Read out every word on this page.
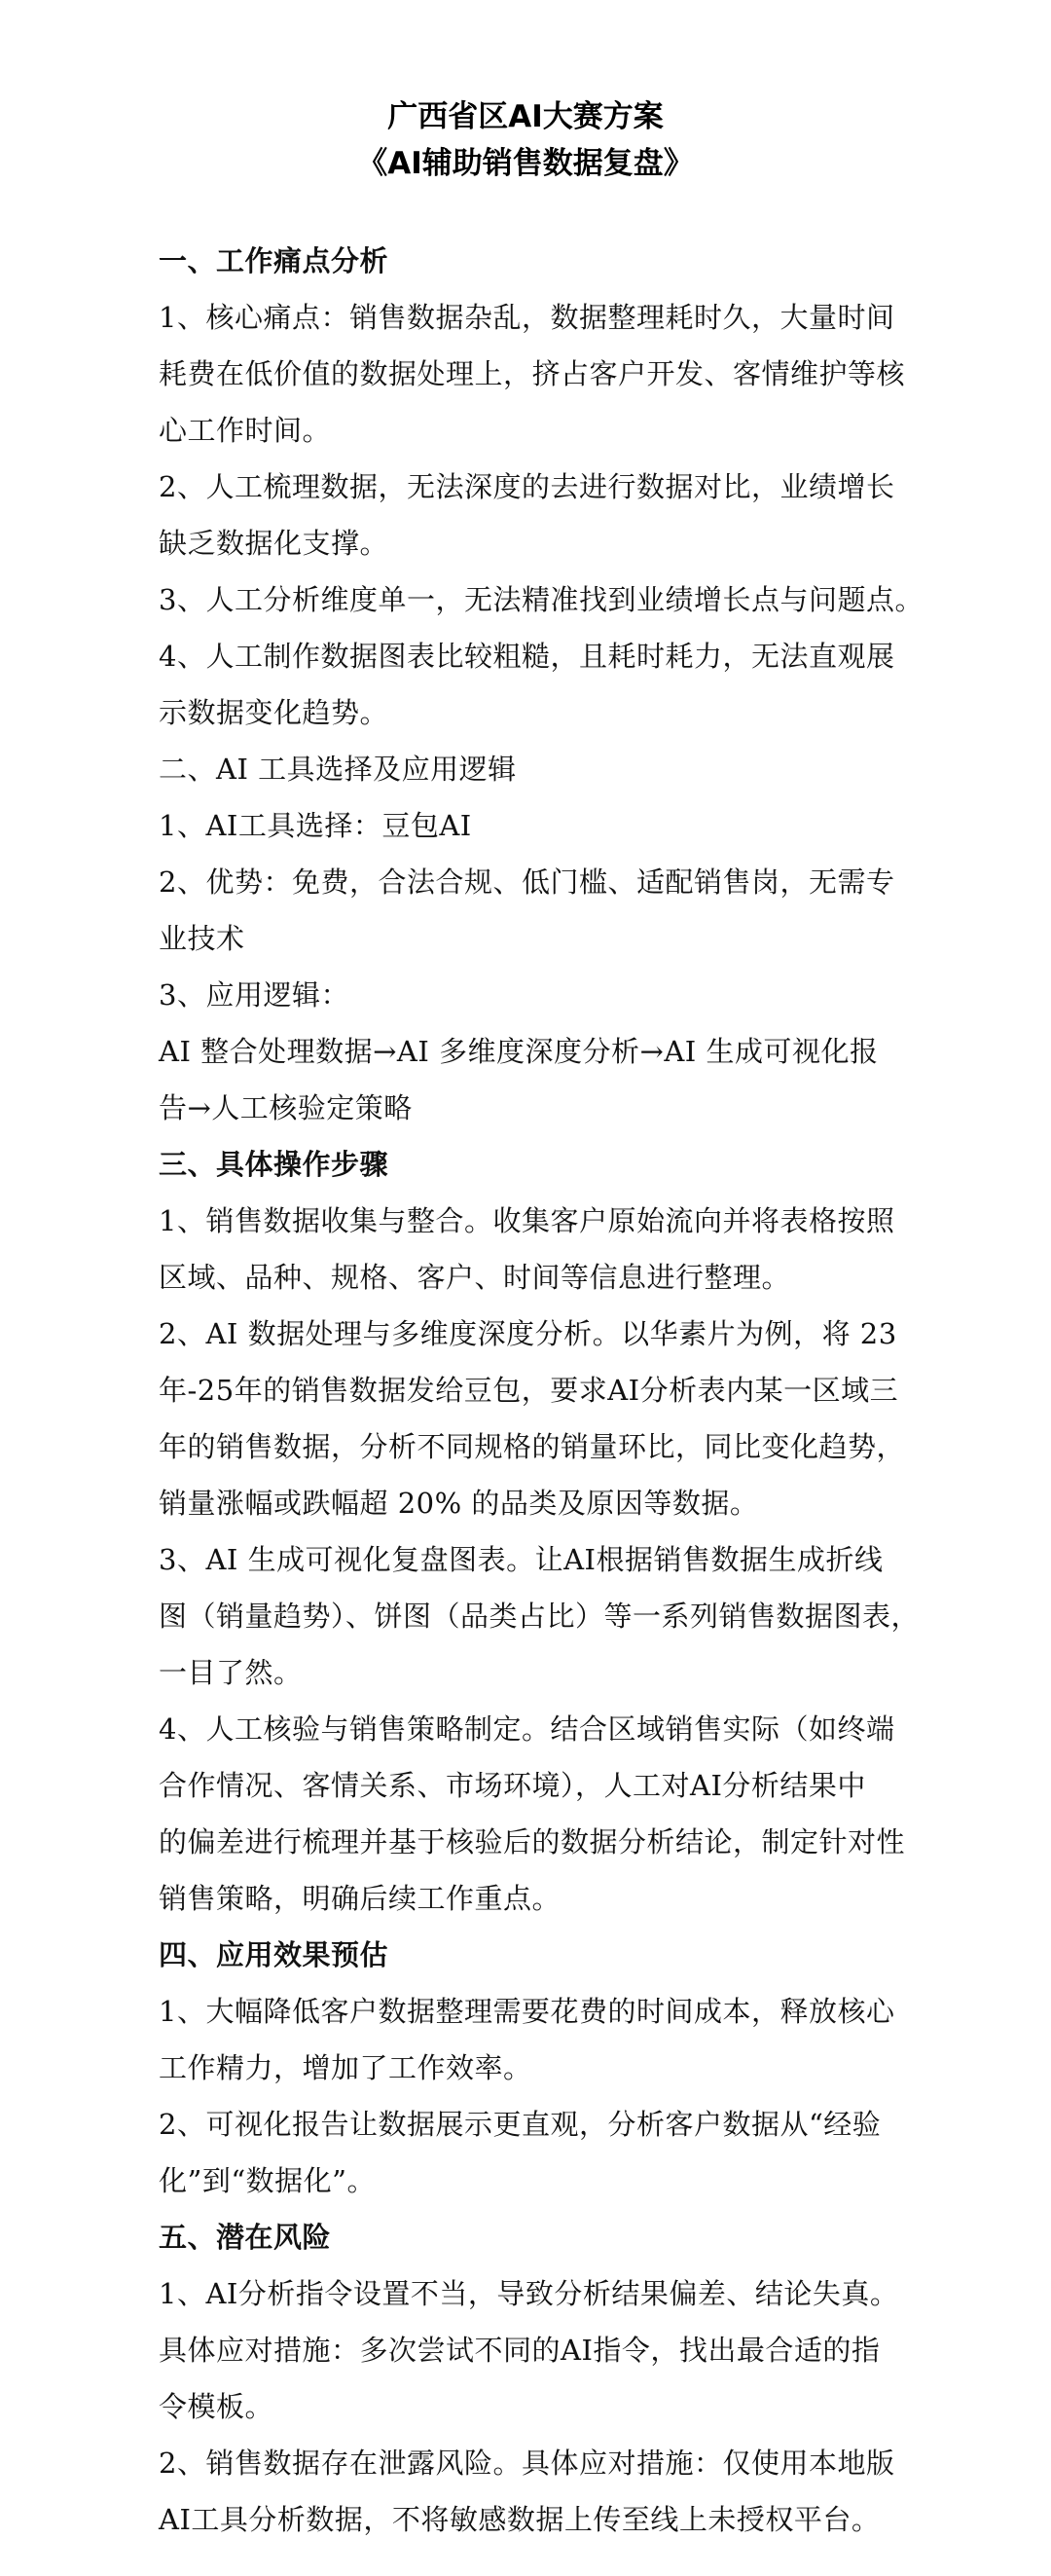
广西省区AI大赛方案
《AI辅助销售数据复盘》
一、工作痛点分析
1、核心痛点：销售数据杂乱，数据整理耗时久，大量时间
耗费在低价值的数据处理上，挤占客户开发、客情维护等核
心工作时间。
2、人工梳理数据，无法深度的去进行数据对比，业绩增长
缺乏数据化支撑。
3、人工分析维度单一，无法精准找到业绩增长点与问题点。
4、人工制作数据图表比较粗糙，且耗时耗力，无法直观展
示数据变化趋势。
二、AI 工具选择及应用逻辑
1、AI工具选择：豆包AI
2、优势：免费，合法合规、低门槛、适配销售岗，无需专
业技术
3、应用逻辑：
AI 整合处理数据→AI 多维度深度分析→AI 生成可视化报
告→人工核验定策略
三、具体操作步骤
1、销售数据收集与整合。收集客户原始流向并将表格按照
区域、品种、规格、客户、时间等信息进行整理。
2、AI 数据处理与多维度深度分析。以华素片为例，将 23
年-25年的销售数据发给豆包，要求AI分析表内某一区域三
年的销售数据，分析不同规格的销量环比，同比变化趋势，
销量涨幅或跌幅超 20% 的品类及原因等数据。
3、AI 生成可视化复盘图表。让AI根据销售数据生成折线
图（销量趋势）、饼图（品类占比）等一系列销售数据图表，
一目了然。
4、人工核验与销售策略制定。结合区域销售实际（如终端
合作情况、客情关系、市场环境），人工对AI分析结果中
的偏差进行梳理并基于核验后的数据分析结论，制定针对性
销售策略，明确后续工作重点。
四、应用效果预估
1、大幅降低客户数据整理需要花费的时间成本，释放核心
工作精力，增加了工作效率。
2、可视化报告让数据展示更直观，分析客户数据从“经验
化”到“数据化”。
五、潜在风险
1、AI分析指令设置不当，导致分析结果偏差、结论失真。
具体应对措施：多次尝试不同的AI指令，找出最合适的指
令模板。
2、销售数据存在泄露风险。具体应对措施：仅使用本地版
AI工具分析数据，不将敏感数据上传至线上未授权平台。
